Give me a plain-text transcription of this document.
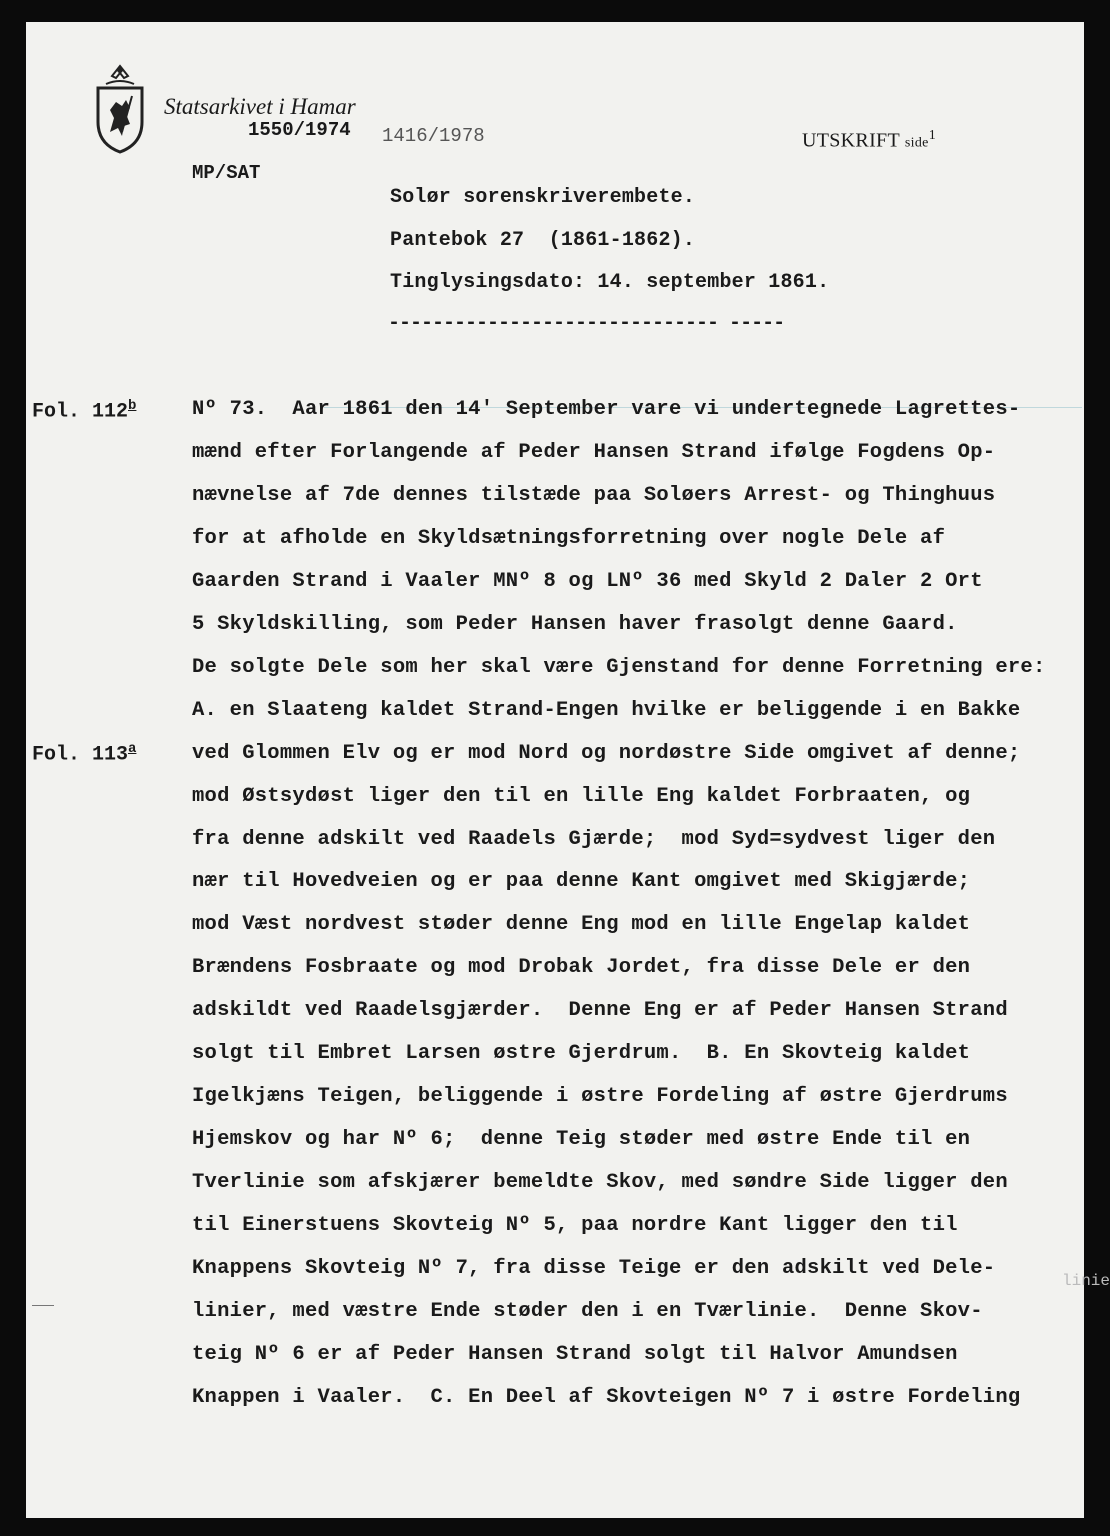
Statsarkivet i Hamar
1550/1974 1416/1978	UTSKRIFT side$^1$
MP/SAT
Solør sorenskriverembete.
Pantebok 27  (1861-1862).
Tinglysingsdato: 14. september 1861.
------------------------------ -----
Fol. 112$^b$
Fol. 113$^a$
Nº 73.  Aar 1861 den 14' September vare vi undertegnede Lagrettes-
mænd efter Forlangende af Peder Hansen Strand ifølge Fogdens Op-
nævnelse af 7de dennes tilstæde paa Soløers Arrest- og Thinghuus
for at afholde en Skyldsætningsforretning over nogle Dele af
Gaarden Strand i Vaaler MNº 8 og LNº 36 med Skyld 2 Daler 2 Ort
5 Skyldskilling, som Peder Hansen haver frasolgt denne Gaard.
De solgte Dele som her skal være Gjenstand for denne Forretning ere:
A. en Slaateng kaldet Strand-Engen hvilke er beliggende i en Bakke
ved Glommen Elv og er mod Nord og nordøstre Side omgivet af denne;
mod Østsydøst liger den til en lille Eng kaldet Forbraaten, og
fra denne adskilt ved Raadels Gjærde;  mod Syd=sydvest liger den
nær til Hovedveien og er paa denne Kant omgivet med Skigjærde;
mod Væst nordvest støder denne Eng mod en lille Engelap kaldet
Brændens Fosbraate og mod Drobak Jordet, fra disse Dele er den
adskildt ved Raadelsgjærder.  Denne Eng er af Peder Hansen Strand
solgt til Embret Larsen østre Gjerdrum.  B. En Skovteig kaldet
Igelkjæns Teigen, beliggende i østre Fordeling af østre Gjerdrums
Hjemskov og har Nº 6;  denne Teig støder med østre Ende til en
Tverlinie som afskjærer bemeldte Skov, med søndre Side ligger den
til Einerstuens Skovteig Nº 5, paa nordre Kant ligger den til
Knappens Skovteig Nº 7, fra disse Teige er den adskilt ved Dele-
linier, med væstre Ende støder den i en Tværlinie.  Denne Skov-
teig Nº 6 er af Peder Hansen Strand solgt til Halvor Amundsen
Knappen i Vaaler.  C. En Deel af Skovteigen Nº 7 i østre Fordeling
linie
